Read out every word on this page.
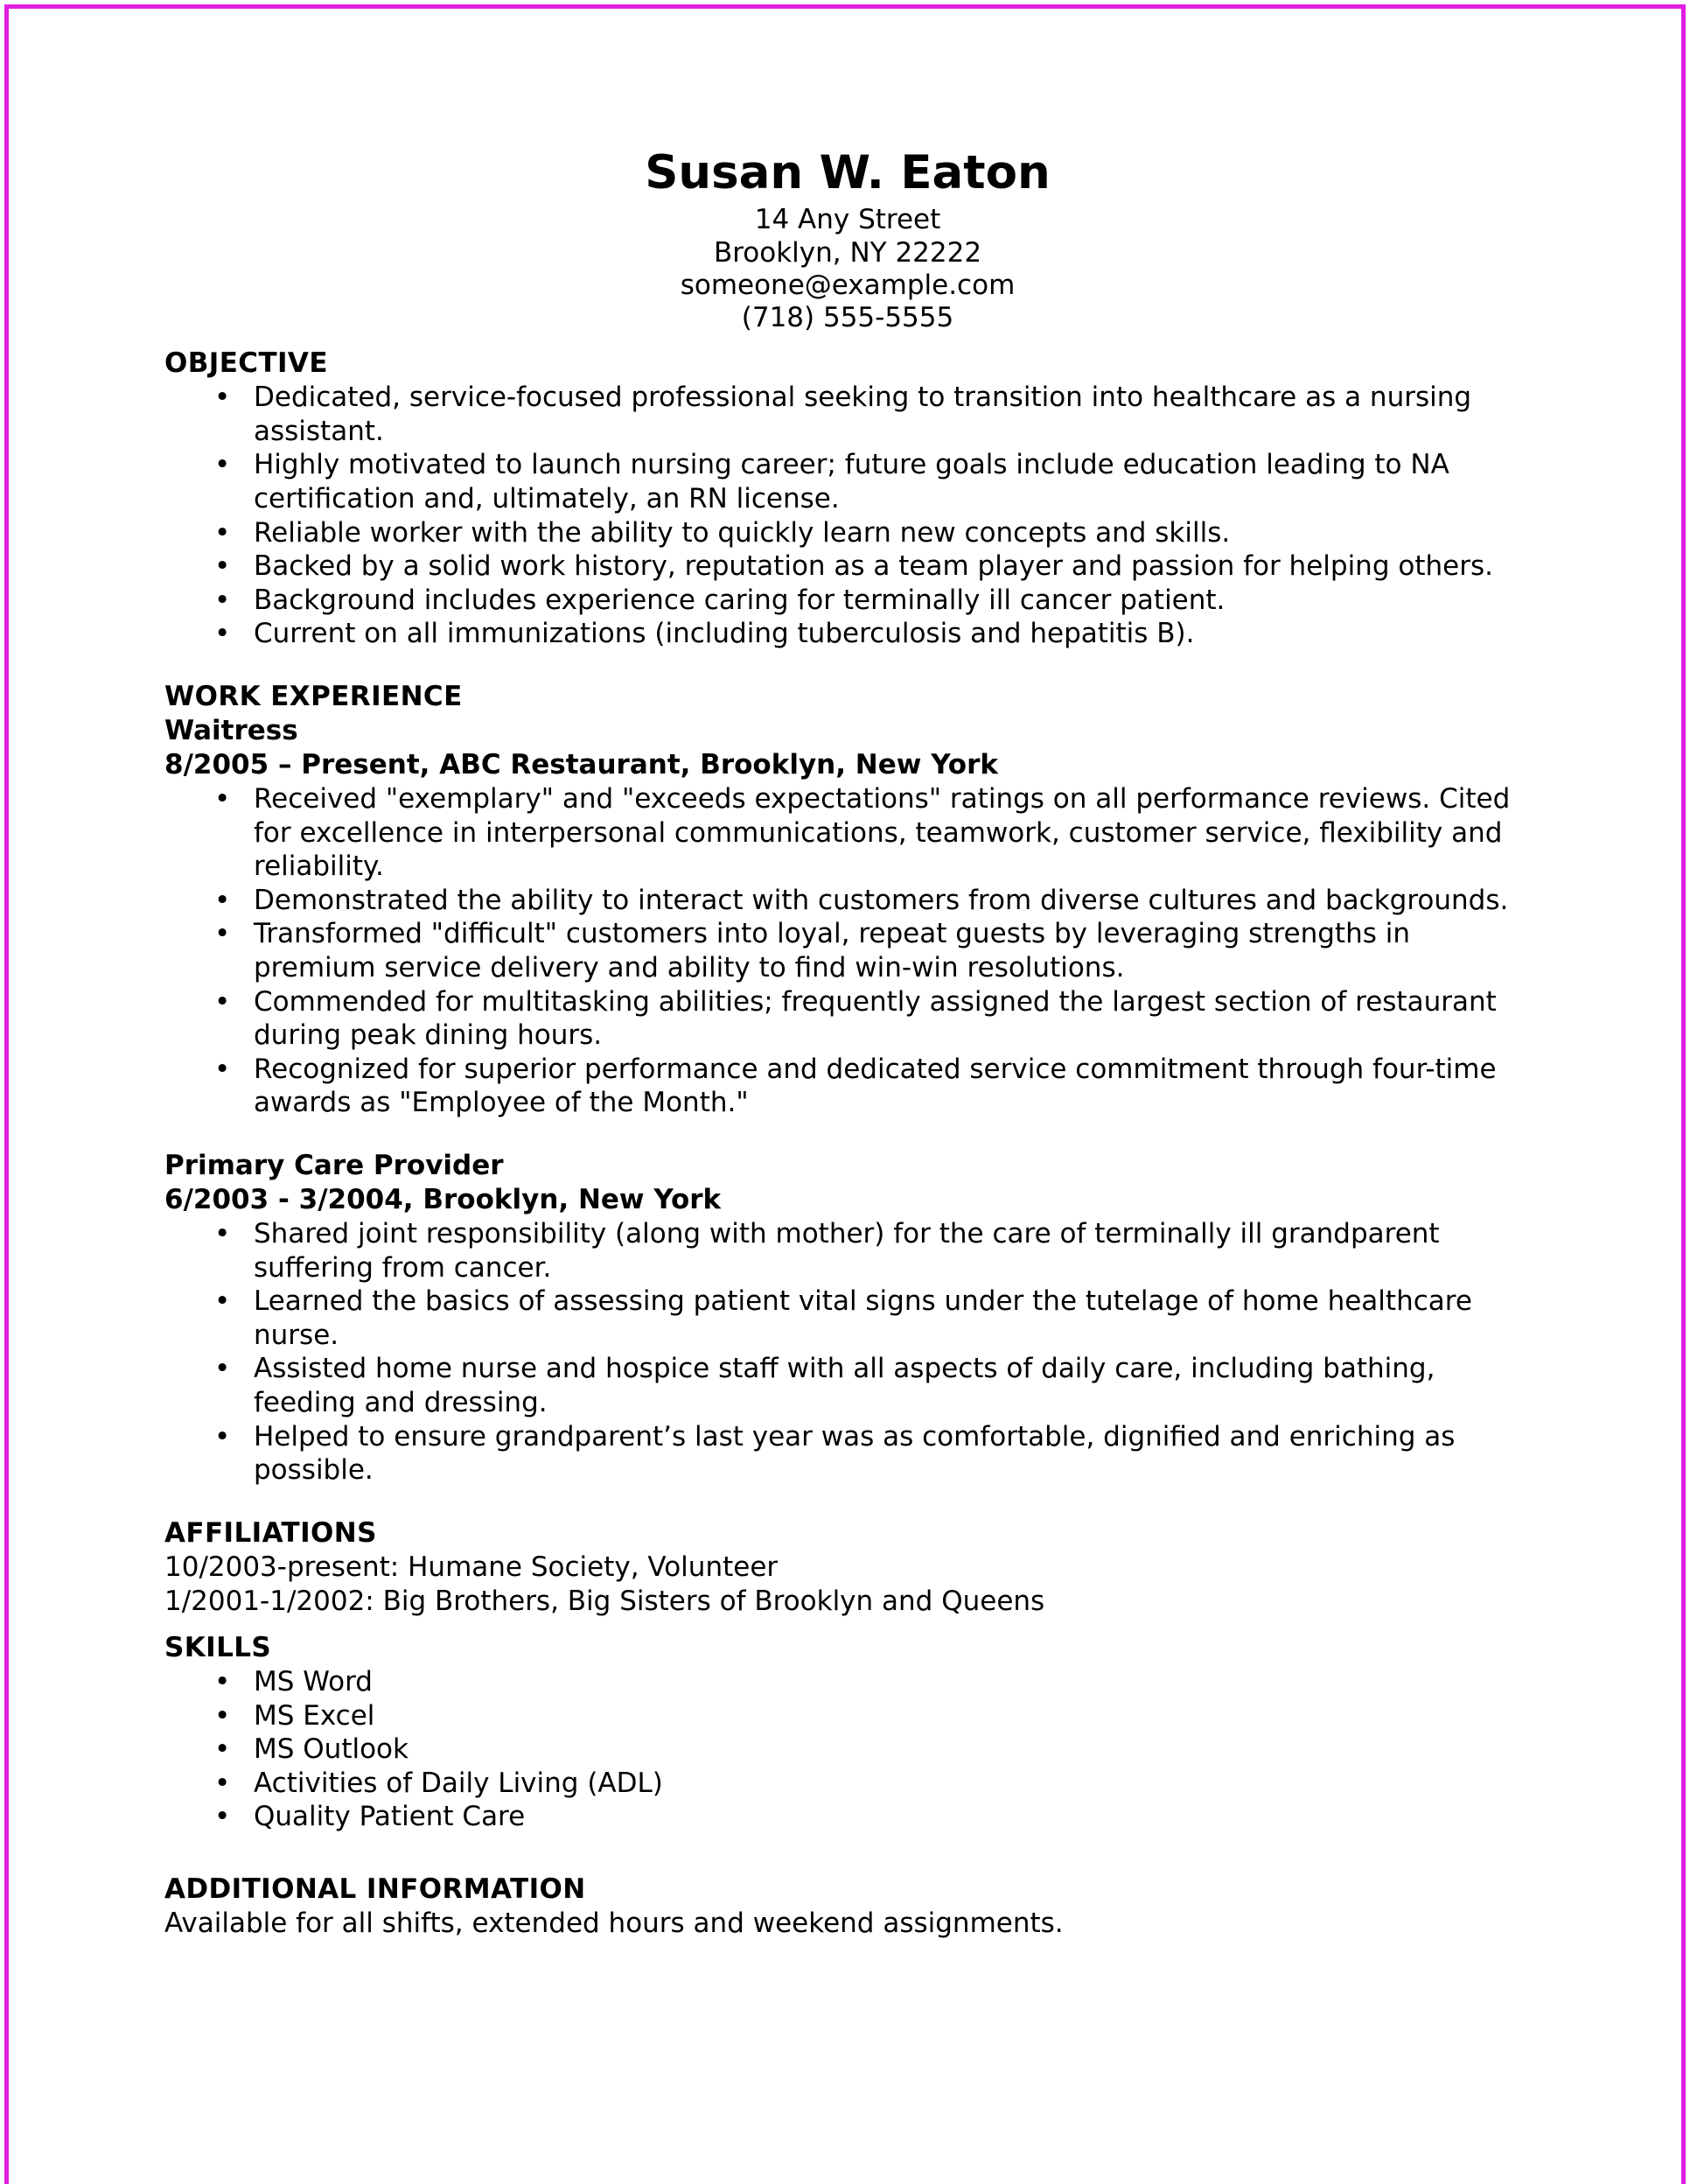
Susan W. Eaton
14 Any Street
Brooklyn, NY 22222
someone@example.com
(718) 555-5555
OBJECTIVE
• Dedicated, service-focused professional seeking to transition into healthcare as a nursing assistant.
• Highly motivated to launch nursing career; future goals include education leading to NA certification and, ultimately, an RN license.
• Reliable worker with the ability to quickly learn new concepts and skills.
• Backed by a solid work history, reputation as a team player and passion for helping others.
• Background includes experience caring for terminally ill cancer patient.
• Current on all immunizations (including tuberculosis and hepatitis B).
WORK EXPERIENCE
Waitress
8/2005 – Present, ABC Restaurant, Brooklyn, New York
• Received "exemplary" and "exceeds expectations" ratings on all performance reviews. Cited for excellence in interpersonal communications, teamwork, customer service, flexibility and reliability.
• Demonstrated the ability to interact with customers from diverse cultures and backgrounds.
• Transformed "difficult" customers into loyal, repeat guests by leveraging strengths in premium service delivery and ability to find win-win resolutions.
• Commended for multitasking abilities; frequently assigned the largest section of restaurant during peak dining hours.
• Recognized for superior performance and dedicated service commitment through four-time awards as "Employee of the Month."
Primary Care Provider
6/2003 - 3/2004, Brooklyn, New York
• Shared joint responsibility (along with mother) for the care of terminally ill grandparent suffering from cancer.
• Learned the basics of assessing patient vital signs under the tutelage of home healthcare nurse.
• Assisted home nurse and hospice staff with all aspects of daily care, including bathing, feeding and dressing.
• Helped to ensure grandparent’s last year was as comfortable, dignified and enriching as possible.
AFFILIATIONS
10/2003-present: Humane Society, Volunteer
1/2001-1/2002: Big Brothers, Big Sisters of Brooklyn and Queens
SKILLS
• MS Word
• MS Excel
• MS Outlook
• Activities of Daily Living (ADL)
• Quality Patient Care
ADDITIONAL INFORMATION
Available for all shifts, extended hours and weekend assignments.
